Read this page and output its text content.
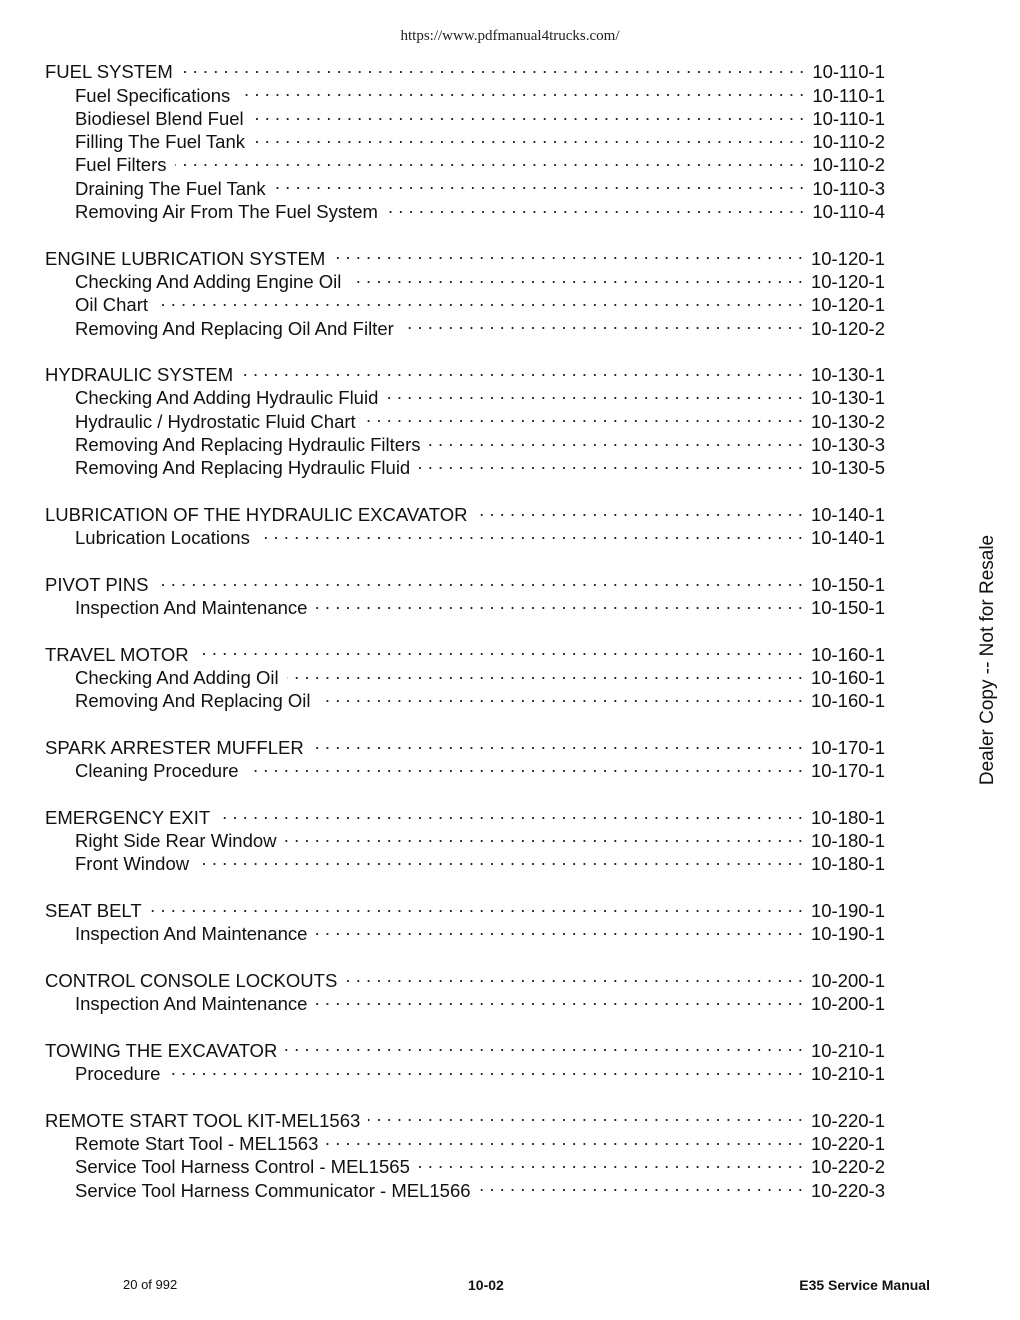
https://www.pdfmanual4trucks.com/
FUEL SYSTEM . . .	10-110-1
Fuel Specifications . . .	10-110-1
Biodiesel Blend Fuel . . .	10-110-1
Filling The Fuel Tank . . .	10-110-2
Fuel Filters . . .	10-110-2
Draining The Fuel Tank . . .	10-110-3
Removing Air From The Fuel System . . .	10-110-4
ENGINE LUBRICATION SYSTEM . . .	10-120-1
Checking And Adding Engine Oil . . .	10-120-1
Oil Chart . . .	10-120-1
Removing And Replacing Oil And Filter . . .	10-120-2
HYDRAULIC SYSTEM . . .	10-130-1
Checking And Adding Hydraulic Fluid . . .	10-130-1
Hydraulic / Hydrostatic Fluid Chart . . .	10-130-2
Removing And Replacing Hydraulic Filters . . .	10-130-3
Removing And Replacing Hydraulic Fluid . . .	10-130-5
LUBRICATION OF THE HYDRAULIC EXCAVATOR . . .	10-140-1
Lubrication Locations . . .	10-140-1
PIVOT PINS . . .	10-150-1
Inspection And Maintenance . . .	10-150-1
TRAVEL MOTOR . . .	10-160-1
Checking And Adding Oil . . .	10-160-1
Removing And Replacing Oil . . .	10-160-1
SPARK ARRESTER MUFFLER . . .	10-170-1
Cleaning Procedure . . .	10-170-1
EMERGENCY EXIT . . .	10-180-1
Right Side Rear Window . . .	10-180-1
Front Window . . .	10-180-1
SEAT BELT . . .	10-190-1
Inspection And Maintenance . . .	10-190-1
CONTROL CONSOLE LOCKOUTS . . .	10-200-1
Inspection And Maintenance . . .	10-200-1
TOWING THE EXCAVATOR . . .	10-210-1
Procedure . . .	10-210-1
REMOTE START TOOL KIT-MEL1563 . . .	10-220-1
Remote Start Tool - MEL1563 . . .	10-220-1
Service Tool Harness Control - MEL1565 . . .	10-220-2
Service Tool Harness Communicator - MEL1566 . . .	10-220-3
Dealer Copy -- Not for Resale
20 of 992	10-02	E35 Service Manual
